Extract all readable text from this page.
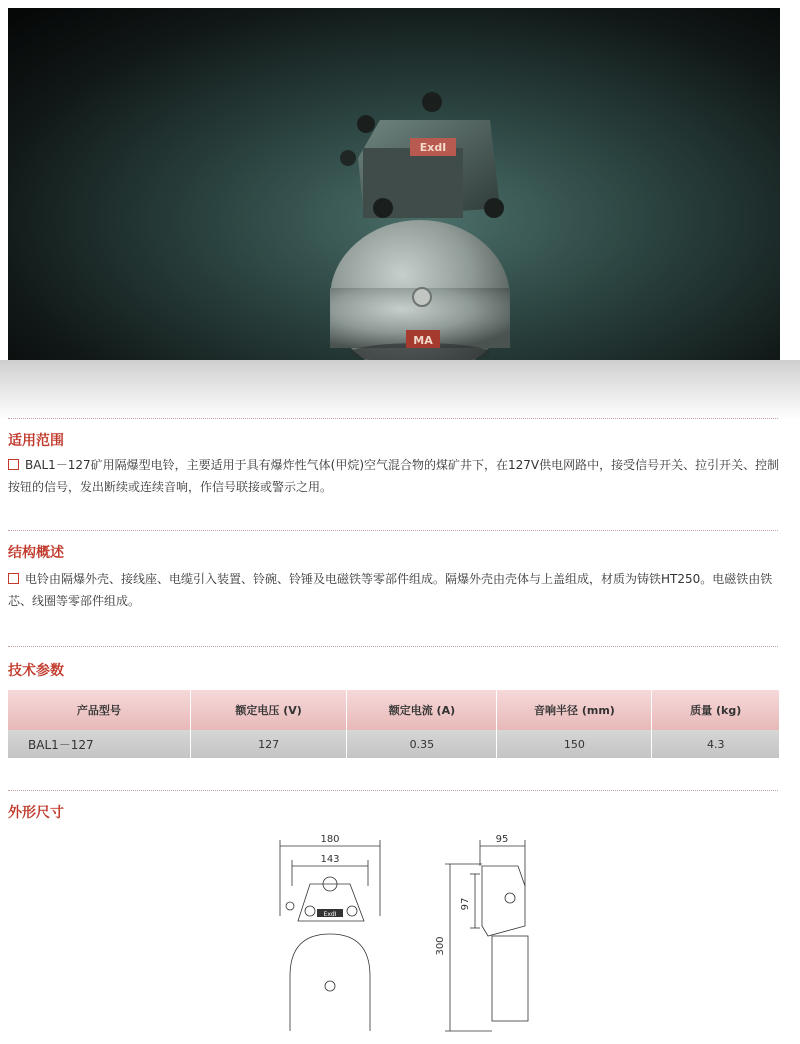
ExdI
MA
适用范围
BAL1－127矿用隔爆型电铃，主要适用于具有爆炸性气体(甲烷)空气混合物的煤矿井下，在127V供电网路中，接受信号开关、拉引开关、控制按钮的信号，发出断续或连续音响，作信号联接或警示之用。
结构概述
电铃由隔爆外壳、接线座、电缆引入装置、铃碗、铃锤及电磁铁等零部件组成。隔爆外壳由壳体与上盖组成，材质为铸铁HT250。电磁铁由铁芯、线圈等零部件组成。
技术参数
产品型号	额定电压 (V)	额定电流 (A)	音响半径 (mm)	质量 (kg)
BAL1－127	127	0.35	150	4.3
外形尺寸
ExdI
180
143
95
97
300
